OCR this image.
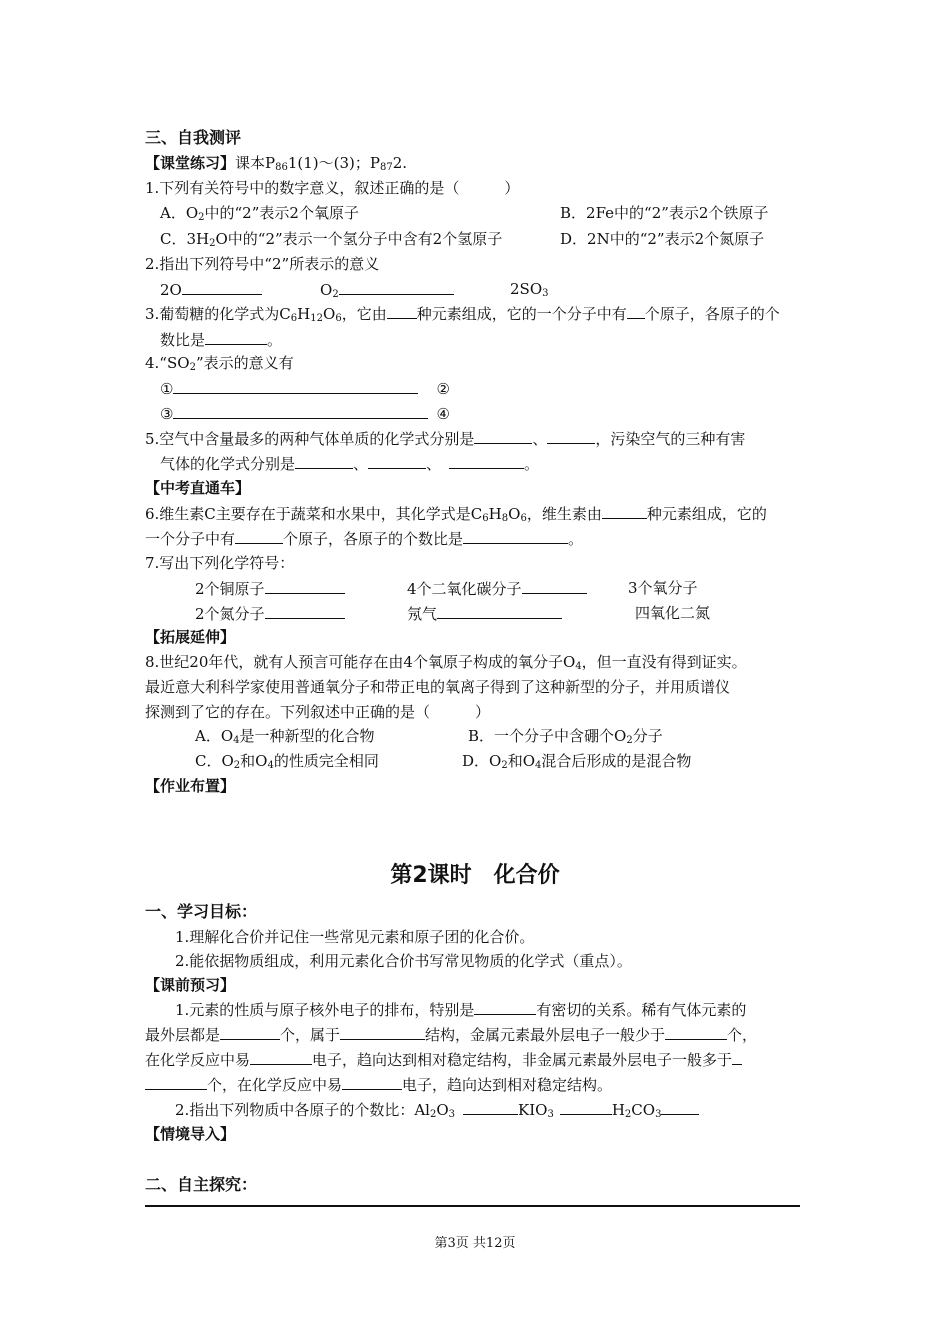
三、自我测评
【课堂练习】课本$P_{86}1(1)\sim(3)$；$P_{87}2$.
1.下列有关符号中的数字意义，叙述正确的是（　　　）
A．$O_2$中的“2”表示2个氧原子	B．2Fe中的“2”表示2个铁原子
C．$3H_2O$中的“2”表示一个氢分子中含有2个氢原子	D．2N中的“2”表示2个氮原子
2.指出下列符号中“2”所表示的意义
2O	$O_2$	$2SO_3$
3.葡萄糖的化学式为$C_6H_{12}O_6$，它由 种元素组成，它的一个分子中有 个原子，各原子的个
数比是	。
$4.“SO_2$”表示的意义有
①	②
③	④
5.空气中含量最多的两种气体单质的化学式分别是	、	，污染空气的三种有害
气体的化学式分别是	、	、	。
【中考直通车】
6.维生素C主要存在于蔬菜和水果中，其化学式是$C_6H_8O_6$，维生素由	种元素组成，它的
一个分子中有	个原子，各原子的个数比是	。
7.写出下列化学符号：
2个铜原子	4个二氧化碳分子	3个氧分子
2个氮分子	氖气	四氧化二氮
【拓展延伸】
8.世纪20年代，就有人预言可能存在由4个氧原子构成的氧分子$O_4$，但一直没有得到证实。
最近意大利科学家使用普通氧分子和带正电的氧离子得到了这种新型的分子，并用质谱仪
探测到了它的存在。下列叙述中正确的是（　　　）
A．$O_4$是一种新型的化合物	B．一个分子中含硼个$O_2$分子
C．$O_2$和$O_4$的性质完全相同	D．$O_2$和$O_4$混合后形成的是混合物
【作业布置】
第2课时　化合价
一、学习目标：
1.理解化合价并记住一些常见元素和原子团的化合价。
2.能依据物质组成，利用元素化合价书写常见物质的化学式（重点）。
【课前预习】
1.元素的性质与原子核外电子的排布，特别是	有密切的关系。稀有气体元素的
最外层都是	个，属于	结构，金属元素最外层电子一般少于	个，
在化学反应中易	电子，趋向达到相对稳定结构，非金属元素最外层电子一般多于
个，在化学反应中易	电子，趋向达到相对稳定结构。
2.指出下列物质中各原子的个数比：$Al_2O_3$	$KIO_3$	$H_2CO_3$
【情境导入】
二、自主探究：
第3页 共12页
